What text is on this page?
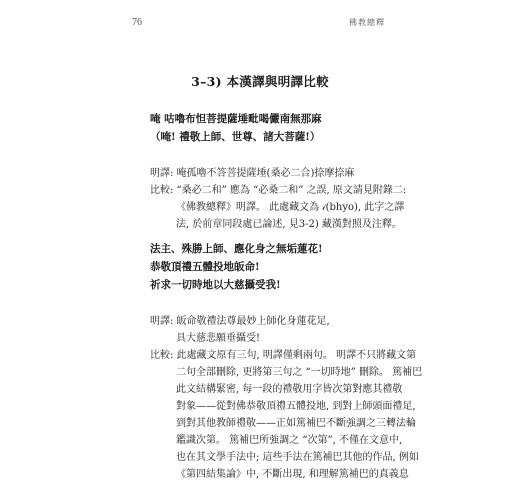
76	佛教總釋
3–3) 本漢譯與明譯比較
唵 咕嚕布怛菩提薩埵毗喝儼南無那麻
（唵! 禮敬上師、世尊、諸大菩薩!）
明譯: 唵孤嚕不答菩提薩埵(桑必二合)捺摩捺麻
比較: “桑必二和” 應為 “必桑二和” 之誤, 原文請見附錄二:
《佛教總釋》明譯。 此處藏文為 𝒾(bhyo), 此字之譯
法, 於前章同段處已論述, 見3-2) 藏漢對照及注釋。
法主、殊勝上師、應化身之無垢蓮花!
恭敬頂禮五體投地皈命!
祈求一切時地以大慈攝受我!
明譯: 皈命敬禮法尊最妙上師化身蓮花足,
具大慈悲願垂攝受!
比較: 此處藏文原有三句, 明譯僅剩兩句。 明譯不只將藏文第
二句全部刪除, 更將第三句之 “一切時地” 刪除。 篤補巴
此文結構緊密, 每一段的禮敬用字皆次第對應其禮敬
對象——從對佛恭敬頂禮五體投地, 到對上師頭面禮足,
到對其他教師禮敬——正如篤補巴不斷強調之三轉法輪
鑑識次第。 篤補巴所強調之 “次第”, 不僅在文意中,
也在其文學手法中; 這些手法在篤補巴其他的作品, 例如
《第四結集論》中, 不斷出現, 和理解篤補巴的真義息
